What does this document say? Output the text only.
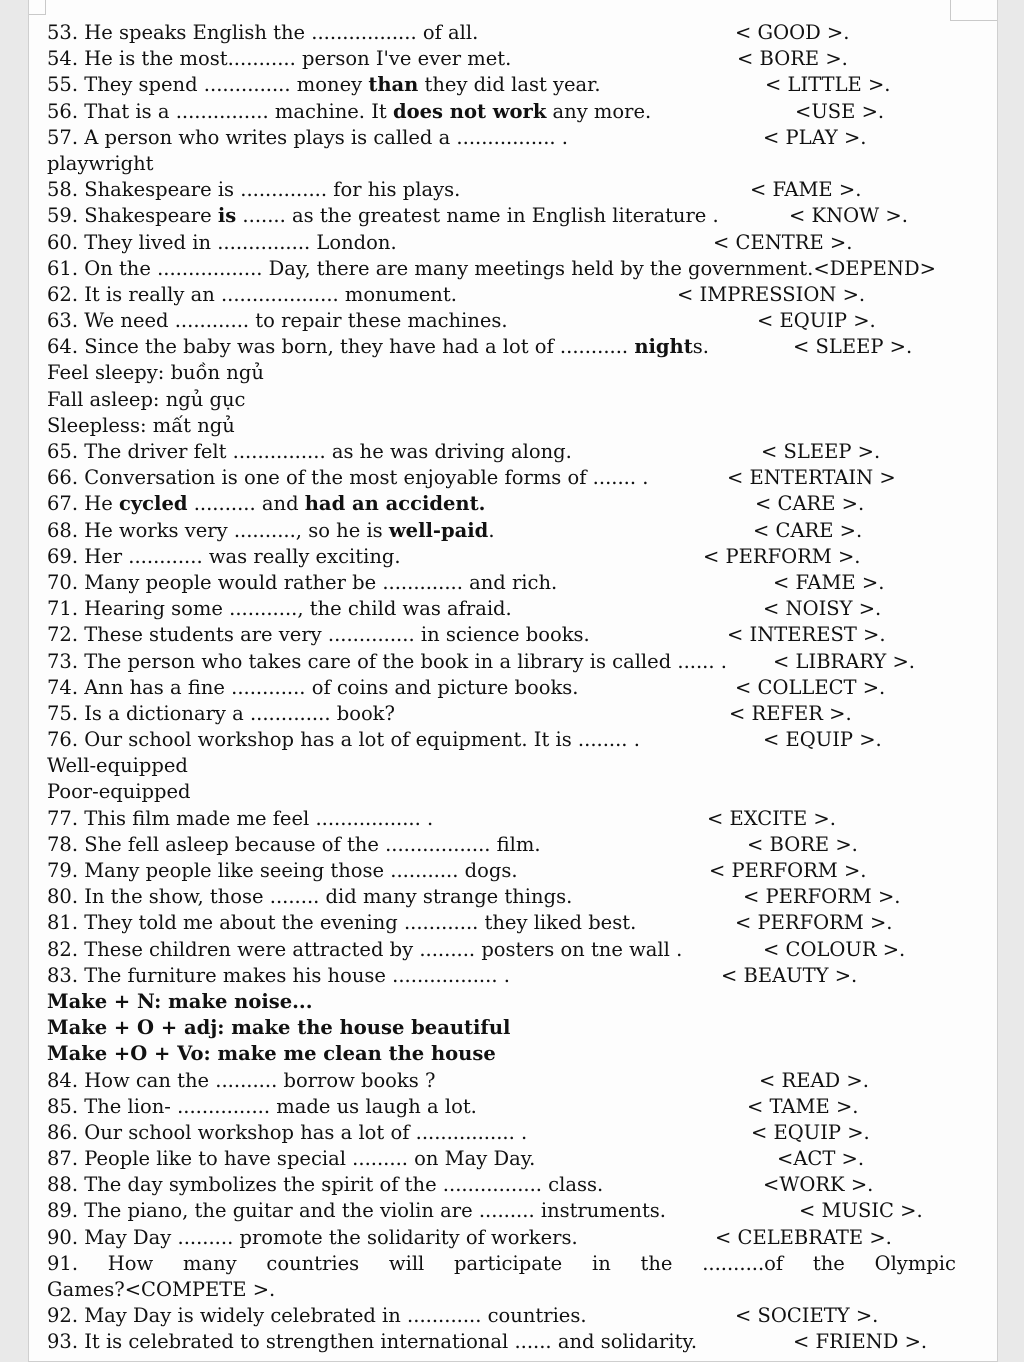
53. He speaks English the ................. of all.	< GOOD >.
54. He is the most........... person I've ever met.	< BORE >.
55. They spend .............. money than they did last year.	< LITTLE >.
56. That is a ............... machine. It does not work any more.	<USE >.
57. A person who writes plays is called a ................ .	< PLAY >.
playwright
58. Shakespeare is .............. for his plays.	< FAME >.
59. Shakespeare is ....... as the greatest name in English literature .	< KNOW >.
60. They lived in ............... London.	< CENTRE >.
61. On the ................. Day, there are many meetings held by the government.<DEPEND>
62. It is really an ................... monument.	< IMPRESSION >.
63. We need ............ to repair these machines.	< EQUIP >.
64. Since the baby was born, they have had a lot of ........... nights.	< SLEEP >.
Feel sleepy: buồn ngủ
Fall asleep: ngủ gục
Sleepless: mất ngủ
65. The driver felt ............... as he was driving along.	< SLEEP >.
66. Conversation is one of the most enjoyable forms of ....... .	< ENTERTAIN >
67. He cycled .......... and had an accident.	< CARE >.
68. He works very .........., so he is well-paid.	< CARE >.
69. Her ............ was really exciting.	< PERFORM >.
70. Many people would rather be ............. and rich.	< FAME >.
71. Hearing some ..........., the child was afraid.	< NOISY >.
72. These students are very .............. in science books.	< INTEREST >.
73. The person who takes care of the book in a library is called ...... . < LIBRARY >.
74. Ann has a fine ............ of coins and picture books.	< COLLECT >.
75. Is a dictionary a ............. book?	< REFER >.
76. Our school workshop has a lot of equipment. It is ........ .	< EQUIP >.
Well-equipped
Poor-equipped
77. This film made me feel ................. .	< EXCITE >.
78. She fell asleep because of the ................. film.	< BORE >.
79. Many people like seeing those ........... dogs.	< PERFORM >.
80. In the show, those ........ did many strange things.	< PERFORM >.
81. They told me about the evening ............ they liked best.	< PERFORM >.
82. These children were attracted by ......... posters on tne wall .	< COLOUR >.
83. The furniture makes his house ................. .	< BEAUTY >.
Make + N: make noise...
Make + O + adj: make the house beautiful
Make +O + Vo: make me clean the house
84. How can the .......... borrow books ?	< READ >.
85. The lion- ............... made us laugh a lot.	< TAME >.
86. Our school workshop has a lot of ................ .	< EQUIP >.
87. People like to have special ......... on May Day.	<ACT >.
88. The day symbolizes the spirit of the ................ class.	<WORK >.
89. The piano, the guitar and the violin are ......... instruments.	< MUSIC >.
90. May Day ......... promote the solidarity of workers.	< CELEBRATE >.
91. How many countries will participate in the ..........of the Olympic
Games?<COMPETE >.
92. May Day is widely celebrated in ............ countries.	< SOCIETY >.
93. It is celebrated to strengthen international ...... and solidarity.	< FRIEND >.
